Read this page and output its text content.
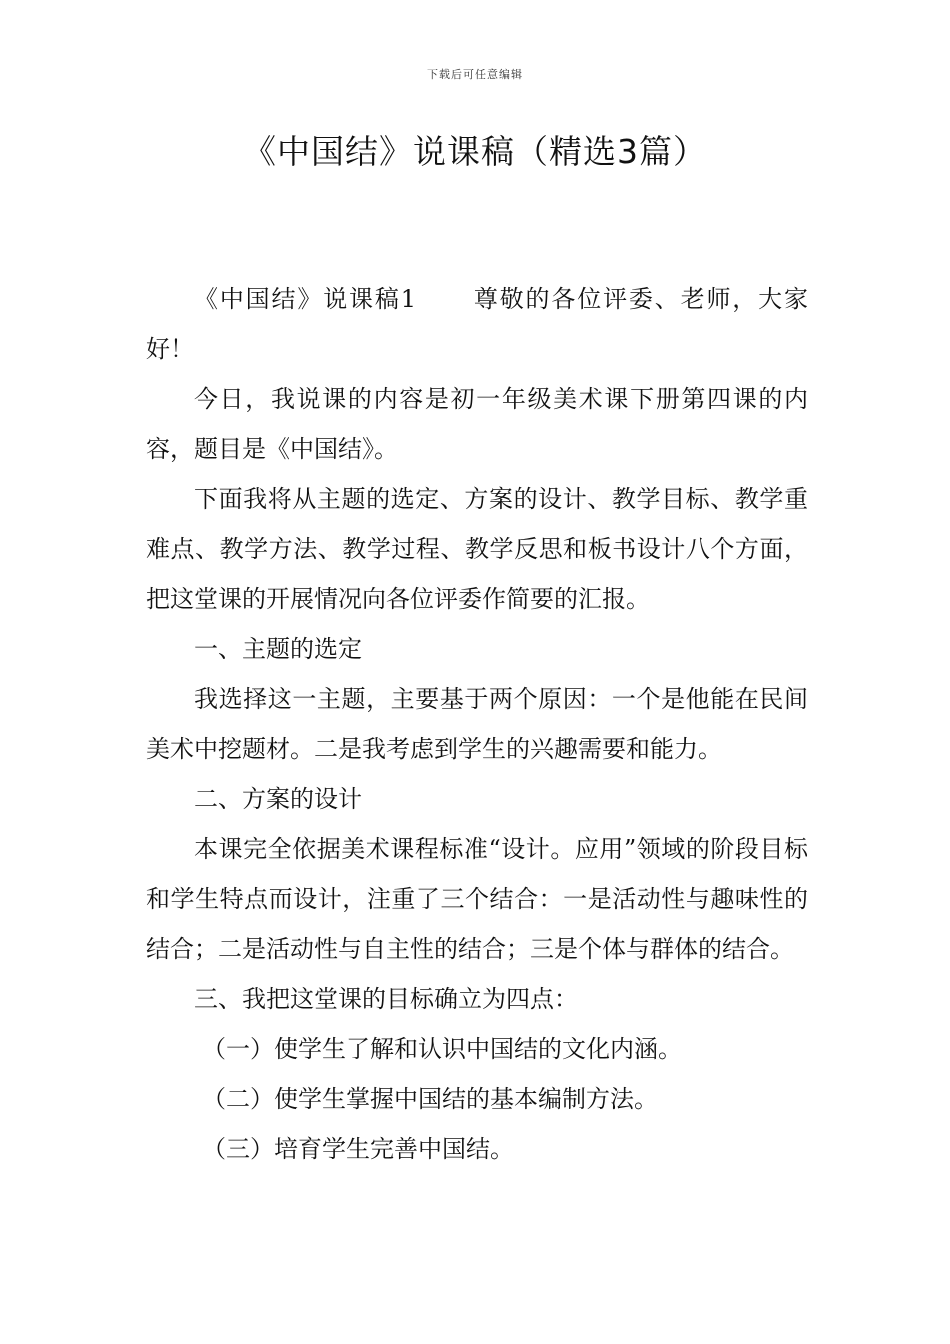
下载后可任意编辑
《中国结》说课稿（精选3篇）

《中国结》说课稿1 尊敬的各位评委、老师，大家好！

今日，我说课的内容是初一年级美术课下册第四课的内容，题目是《中国结》。

下面我将从主题的选定、方案的设计、教学目标、教学重难点、教学方法、教学过程、教学反思和板书设计八个方面，把这堂课的开展情况向各位评委作简要的汇报。

一、主题的选定

我选择这一主题，主要基于两个原因：一个是他能在民间美术中挖题材。二是我考虑到学生的兴趣需要和能力。

二、方案的设计

本课完全依据美术课程标准“设计。应用”领域的阶段目标和学生特点而设计，注重了三个结合：一是活动性与趣味性的结合；二是活动性与自主性的结合；三是个体与群体的结合。

三、我把这堂课的目标确立为四点：

（一）使学生了解和认识中国结的文化内涵。

（二）使学生掌握中国结的基本编制方法。

（三）培育学生完善中国结。
